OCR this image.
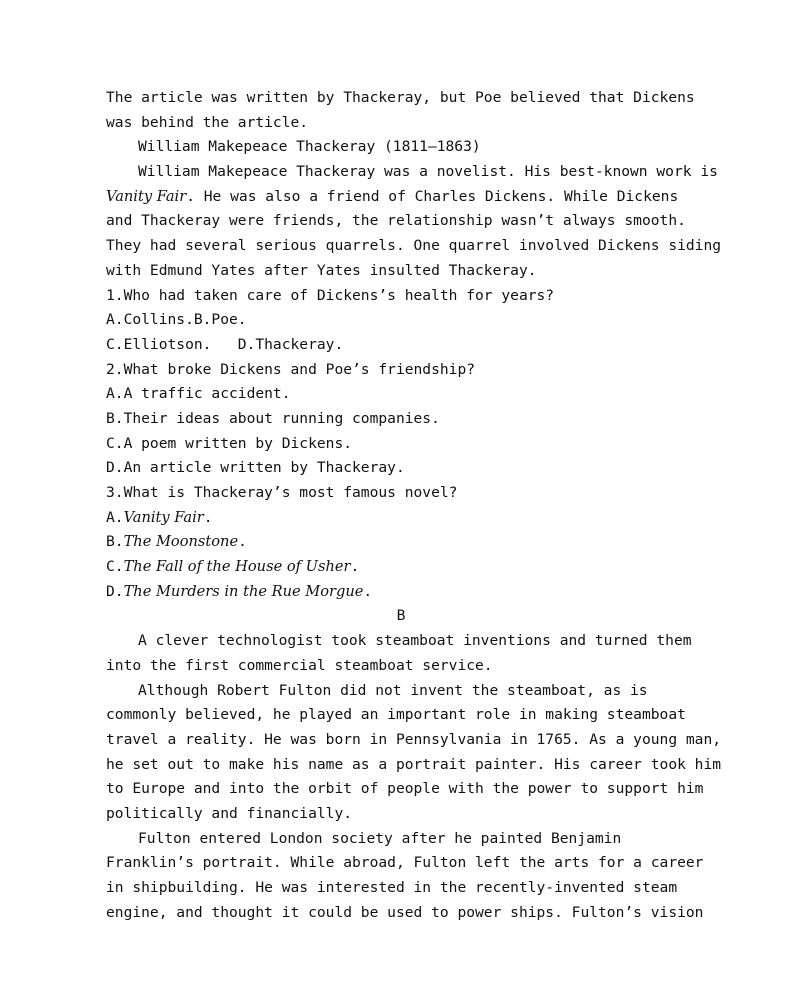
The article was written by Thackeray, but Poe believed that Dickens
was behind the article.
William Makepeace Thackeray (1811—1863)
William Makepeace Thackeray was a novelist. His best-known work is
Vanity Fair. He was also a friend of Charles Dickens. While Dickens
and Thackeray were friends, the relationship wasn’t always smooth.
They had several serious quarrels. One quarrel involved Dickens siding
with Edmund Yates after Yates insulted Thackeray.
1.Who had taken care of Dickens’s health for years?
A.Collins.B.Poe.
C.Elliotson.   D.Thackeray.
2.What broke Dickens and Poe’s friendship?
A.A traffic accident.
B.Their ideas about running companies.
C.A poem written by Dickens.
D.An article written by Thackeray.
3.What is Thackeray’s most famous novel?
A.Vanity Fair.
B.The Moonstone.
C.The Fall of the House of Usher.
D.The Murders in the Rue Morgue.
B
A clever technologist took steamboat inventions and turned them
into the first commercial steamboat service.
Although Robert Fulton did not invent the steamboat, as is
commonly believed, he played an important role in making steamboat
travel a reality. He was born in Pennsylvania in 1765. As a young man,
he set out to make his name as a portrait painter. His career took him
to Europe and into the orbit of people with the power to support him
politically and financially.
Fulton entered London society after he painted Benjamin
Franklin’s portrait. While abroad, Fulton left the arts for a career
in shipbuilding. He was interested in the recently-invented steam
engine, and thought it could be used to power ships. Fulton’s vision
